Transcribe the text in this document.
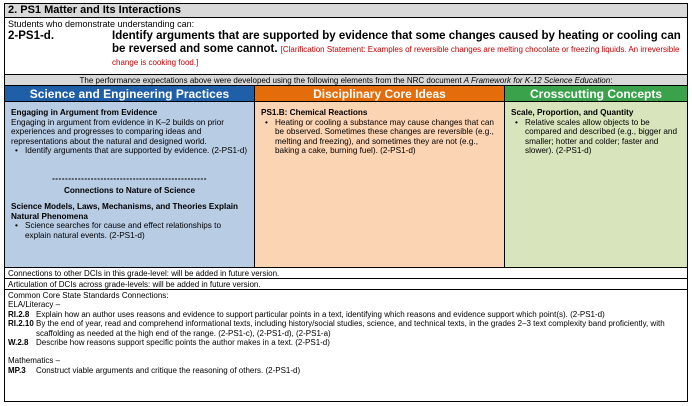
2. PS1 Matter and Its Interactions
Students who demonstrate understanding can:
2-PS1-d.	Identify arguments that are supported by evidence that some changes caused by heating or cooling can be reversed and some cannot. [Clarification Statement: Examples of reversible changes are melting chocolate or freezing liquids. An irreversible change is cooking food.]
The performance expectations above were developed using the following elements from the NRC document A Framework for K-12 Science Education:
Science and Engineering Practices
Engaging in Argument from Evidence
Engaging in argument from evidence in K–2 builds on prior experiences and progresses to comparing ideas and representations about the natural and designed world.
• Identify arguments that are supported by evidence. (2-PS1-d)
------------------------------------------------
Connections to Nature of Science
Science Models, Laws, Mechanisms, and Theories Explain Natural Phenomena
• Science searches for cause and effect relationships to explain natural events. (2-PS1-d)
Disciplinary Core Ideas
PS1.B: Chemical Reactions
• Heating or cooling a substance may cause changes that can be observed. Sometimes these changes are reversible (e.g., melting and freezing), and sometimes they are not (e.g., baking a cake, burning fuel). (2-PS1-d)
Crosscutting Concepts
Scale, Proportion, and Quantity
• Relative scales allow objects to be compared and described (e.g., bigger and smaller; hotter and colder; faster and slower). (2-PS1-d)
Connections to other DCIs in this grade-level: will be added in future version.
Articulation of DCIs across grade-levels: will be added in future version.
Common Core State Standards Connections:
ELA/Literacy –
RI.2.8 Explain how an author uses reasons and evidence to support particular points in a text, identifying which reasons and evidence support which point(s). (2-PS1-d)
RI.2.10 By the end of year, read and comprehend informational texts, including history/social studies, science, and technical texts, in the grades 2–3 text complexity band proficiently, with scaffolding as needed at the high end of the range. (2-PS1-c), (2-PS1-d), (2-PS1-a)
W.2.8 Describe how reasons support specific points the author makes in a text. (2-PS1-d)
Mathematics –
MP.3	Construct viable arguments and critique the reasoning of others. (2-PS1-d)
